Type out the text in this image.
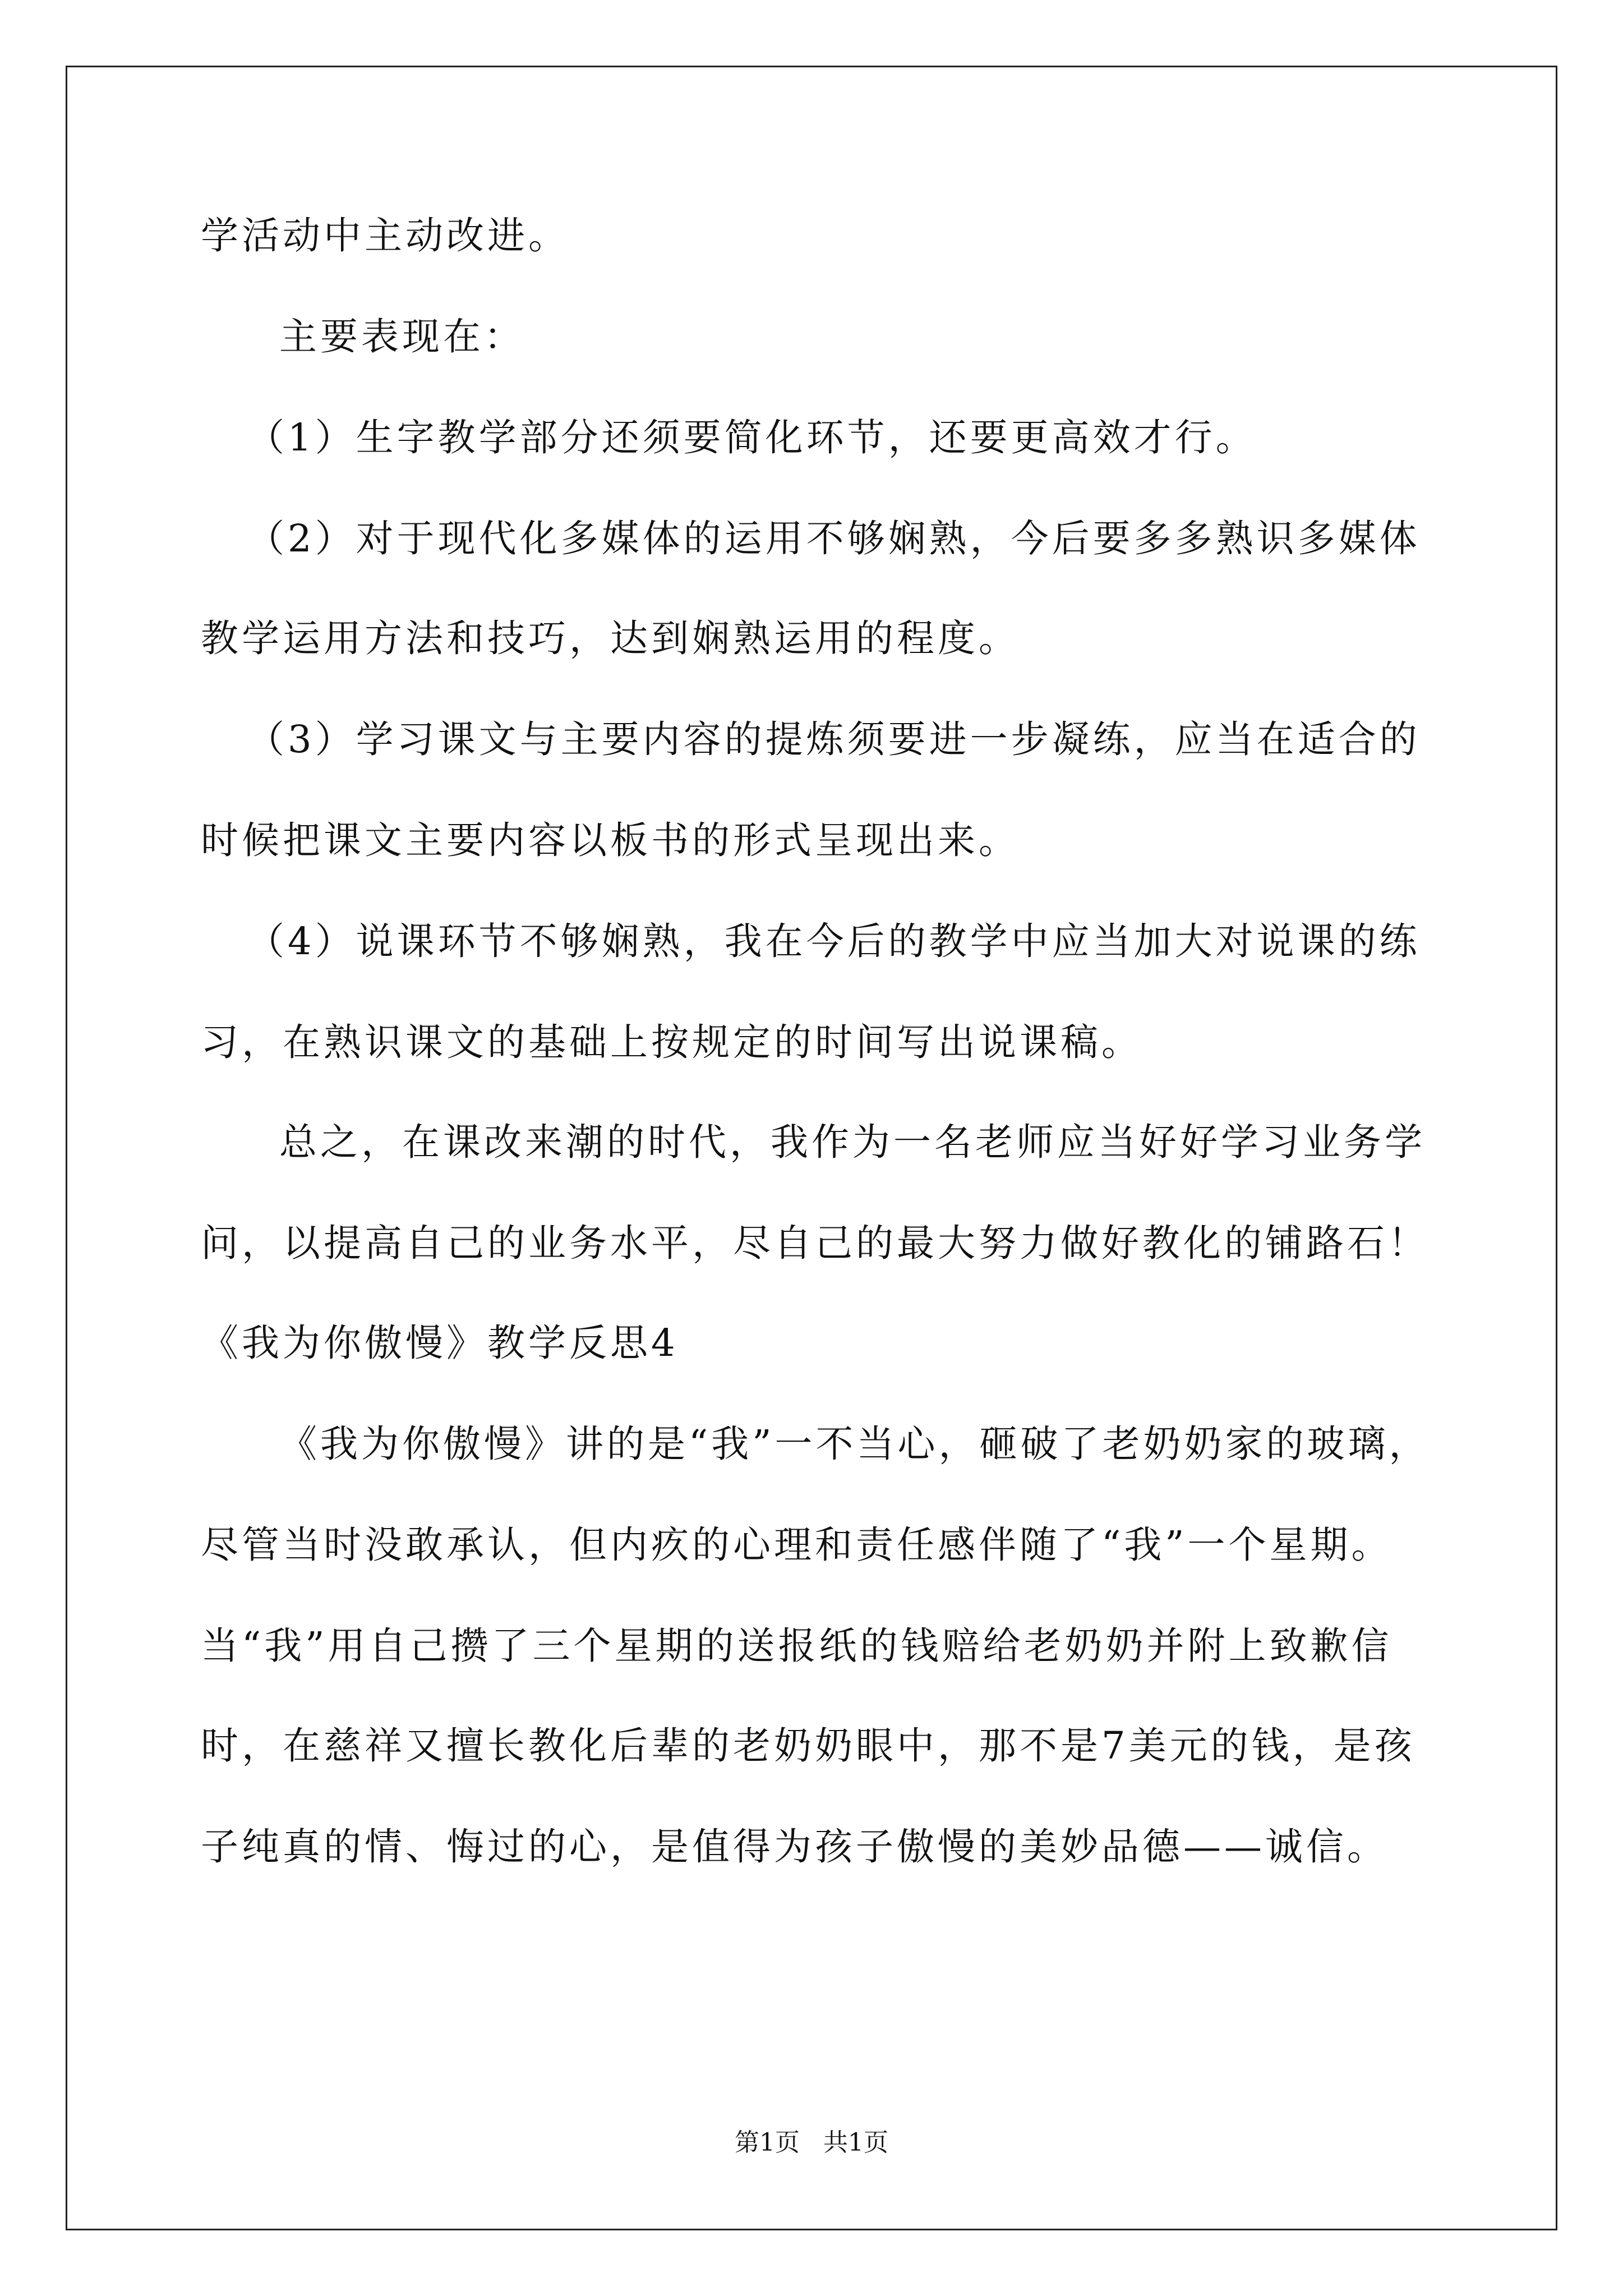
学活动中主动改进。
主要表现在：
（1）生字教学部分还须要简化环节，还要更高效才行。
（2）对于现代化多媒体的运用不够娴熟，今后要多多熟识多媒体
教学运用方法和技巧，达到娴熟运用的程度。
（3）学习课文与主要内容的提炼须要进一步凝练，应当在适合的
时候把课文主要内容以板书的形式呈现出来。
（4）说课环节不够娴熟，我在今后的教学中应当加大对说课的练
习，在熟识课文的基础上按规定的时间写出说课稿。
总之，在课改来潮的时代，我作为一名老师应当好好学习业务学
问，以提高自己的业务水平，尽自己的最大努力做好教化的铺路石！
《我为你傲慢》教学反思4
《我为你傲慢》讲的是“我”一不当心，砸破了老奶奶家的玻璃，
尽管当时没敢承认，但内疚的心理和责任感伴随了“我”一个星期。
当“我”用自己攒了三个星期的送报纸的钱赔给老奶奶并附上致歉信
时，在慈祥又擅长教化后辈的老奶奶眼中，那不是7美元的钱，是孩
子纯真的情、悔过的心，是值得为孩子傲慢的美妙品德——诚信。
第1页   共1页
